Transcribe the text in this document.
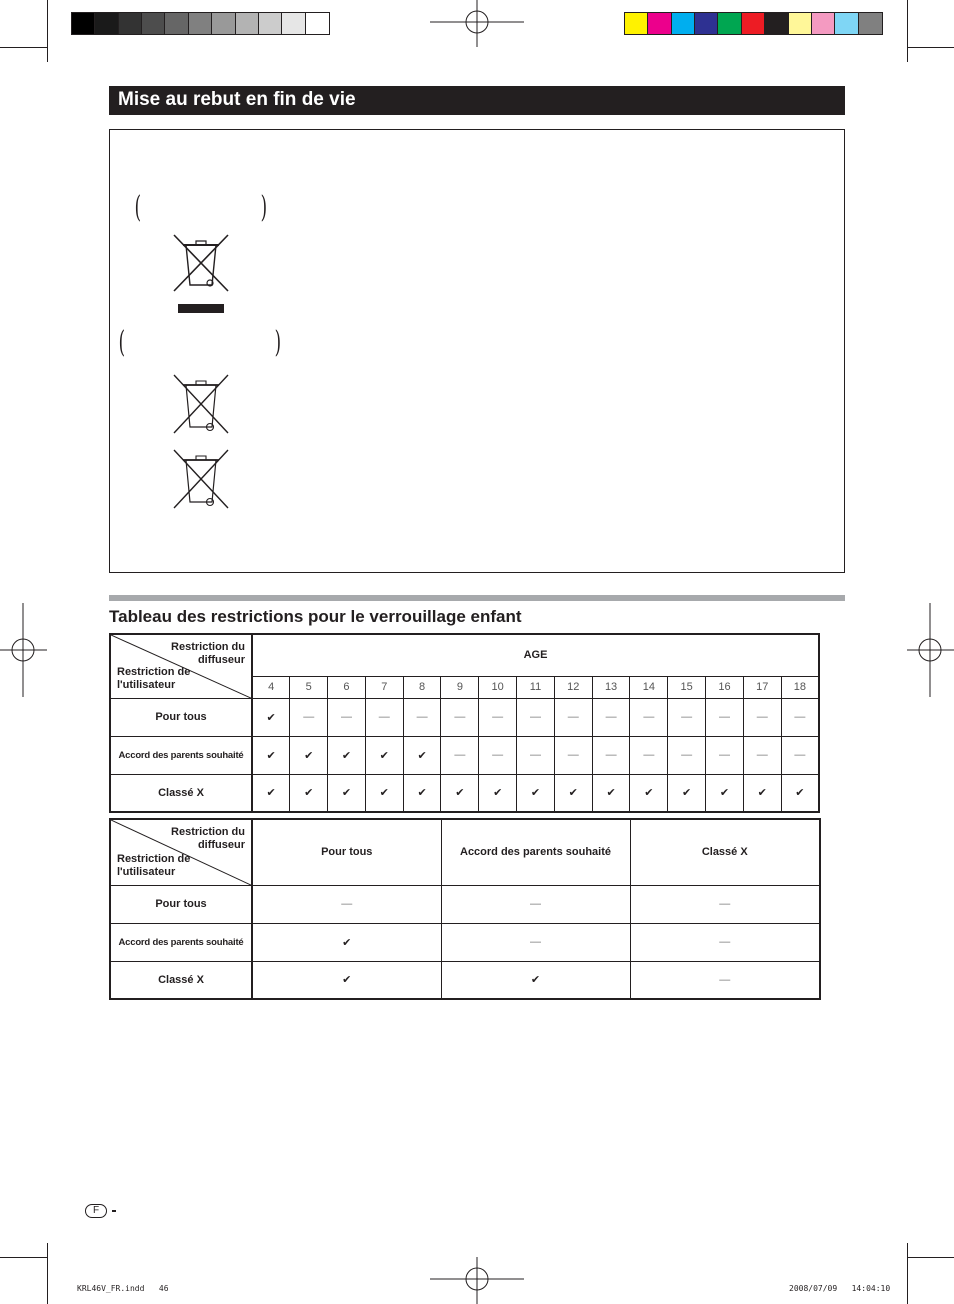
Mise au rebut en fin de vie
(	)
(	)
Tableau des restrictions pour le verrouillage enfant
Restriction du diffuseur
Restriction de l'utilisateur	AGE														
	4	5	6	7	8	9	10	11	12	13	14	15	16	17	18
Pour tous	✔	—	—	—	—	—	—	—	—	—	—	—	—	—	—
Accord des parents souhaité	✔	✔	✔	✔	✔	—	—	—	—	—	—	—	—	—	—
Classé X	✔	✔	✔	✔	✔	✔	✔	✔	✔	✔	✔	✔	✔	✔	✔
Restriction du diffuseur
Restriction de l'utilisateur	Pour tous	Accord des parents souhaité	Classé X
Pour tous	—	—	—
Accord des parents souhaité	✔	—	—
Classé X	✔	✔	—
F
KRL46V_FR.indd   46	2008/07/09   14:04:10
